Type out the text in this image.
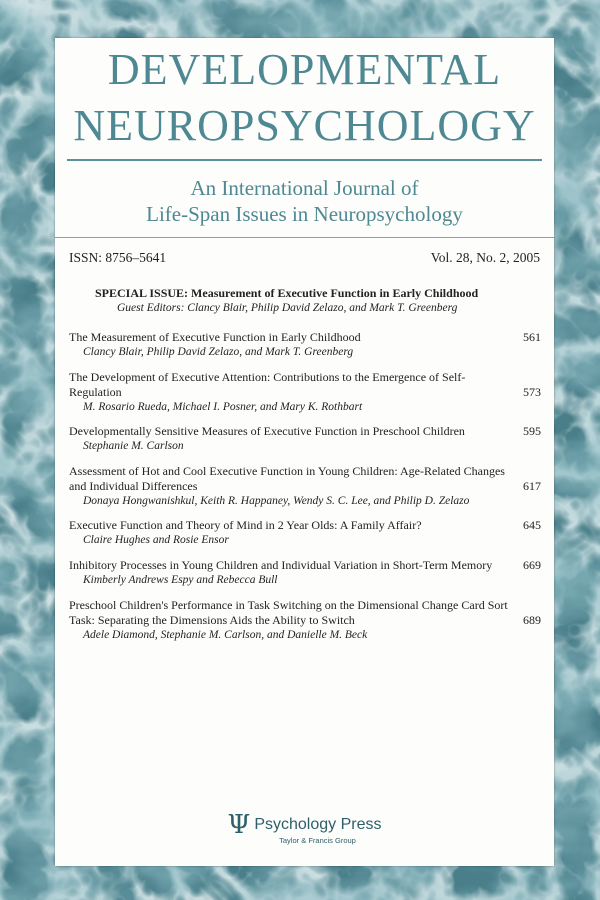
DEVELOPMENTAL
NEUROPSYCHOLOGY
An International Journal of
Life-Span Issues in Neuropsychology
ISSN: 8756–5641	Vol. 28, No. 2, 2005
SPECIAL ISSUE: Measurement of Executive Function in Early Childhood
Guest Editors: Clancy Blair, Philip David Zelazo, and Mark T. Greenberg
The Measurement of Executive Function in Early Childhood
Clancy Blair, Philip David Zelazo, and Mark T. Greenberg
561
The Development of Executive Attention: Contributions to the Emergence of Self-Regulation
M. Rosario Rueda, Michael I. Posner, and Mary K. Rothbart
573
Developmentally Sensitive Measures of Executive Function in Preschool Children
Stephanie M. Carlson
595
Assessment of Hot and Cool Executive Function in Young Children: Age-Related Changes and Individual Differences
Donaya Hongwanishkul, Keith R. Happaney, Wendy S. C. Lee, and Philip D. Zelazo
617
Executive Function and Theory of Mind in 2 Year Olds: A Family Affair?
Claire Hughes and Rosie Ensor
645
Inhibitory Processes in Young Children and Individual Variation in Short-Term Memory
Kimberly Andrews Espy and Rebecca Bull
669
Preschool Children's Performance in Task Switching on the Dimensional Change Card Sort Task: Separating the Dimensions Aids the Ability to Switch
Adele Diamond, Stephanie M. Carlson, and Danielle M. Beck
689
Ψ Psychology Press
Taylor & Francis Group
